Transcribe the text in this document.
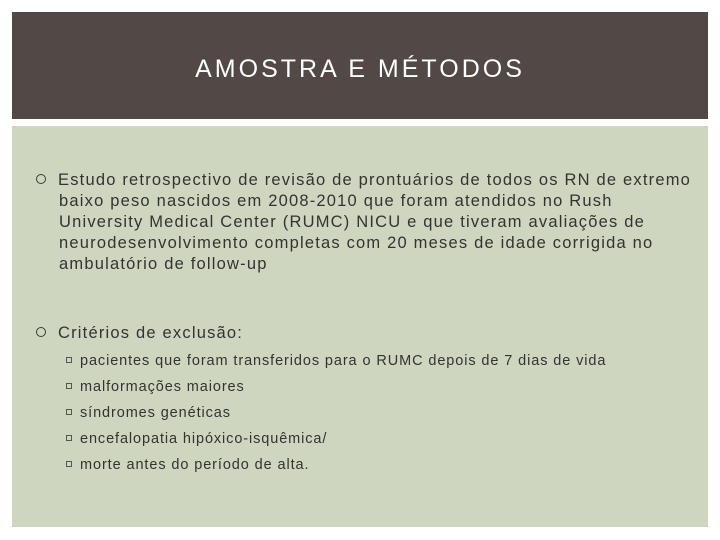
AMOSTRA E MÉTODOS
Estudo retrospectivo de revisão de prontuários de todos os RN de extremo baixo peso nascidos em 2008-2010 que foram atendidos no Rush University Medical Center (RUMC) NICU e que tiveram avaliações de neurodesenvolvimento completas com 20 meses de idade corrigida no ambulatório de follow-up
Critérios de exclusão:
pacientes que foram transferidos para o RUMC depois de 7 dias de vida
malformações maiores
síndromes genéticas
encefalopatia hipóxico-isquêmica/
morte antes do período de alta.
